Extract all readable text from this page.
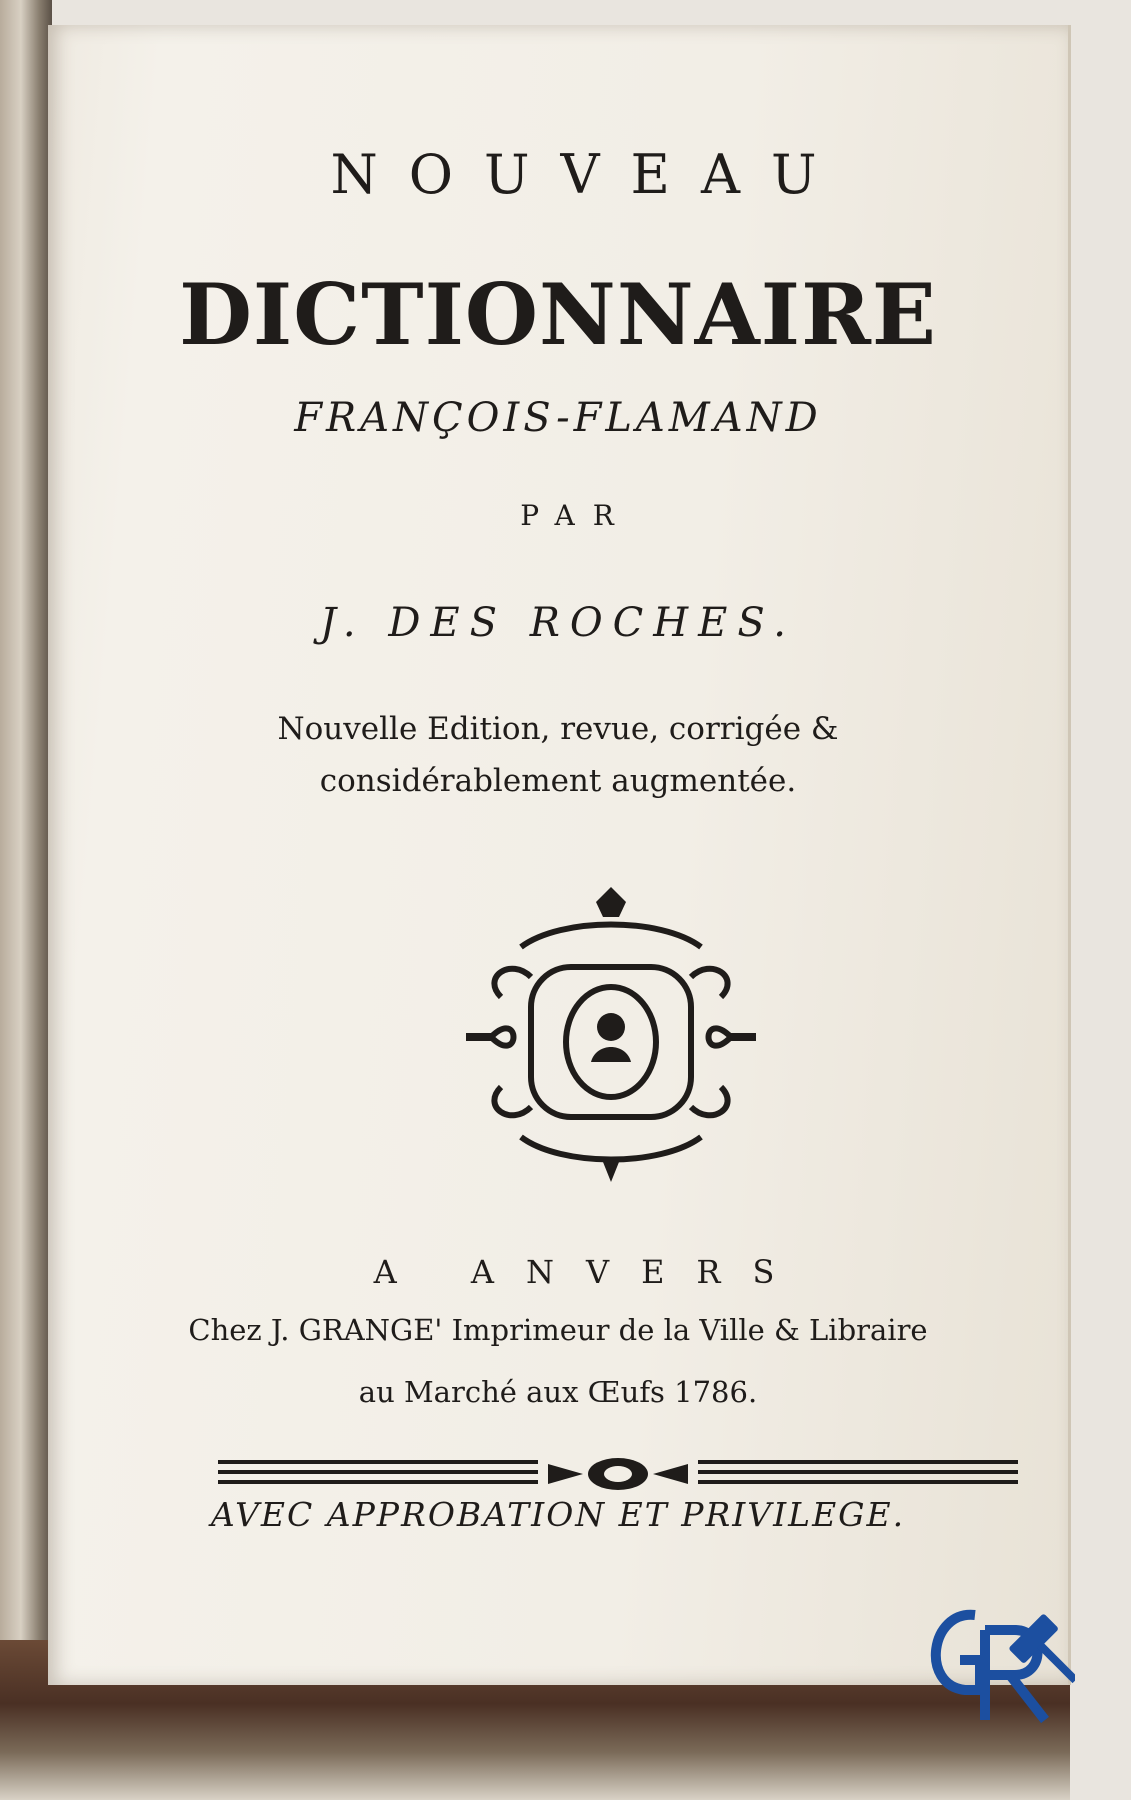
NOUVEAU
DICTIONNAIRE
FRANÇOIS-FLAMAND
PAR
J. DES ROCHES.
Nouvelle Edition, revue, corrigée & considérablement augmentée.
A ANVERS
Chez J. GRANGE' Imprimeur de la Ville & Libraire
au Marché aux Œufs 1786.
AVEC APPROBATION ET PRIVILEGE.
